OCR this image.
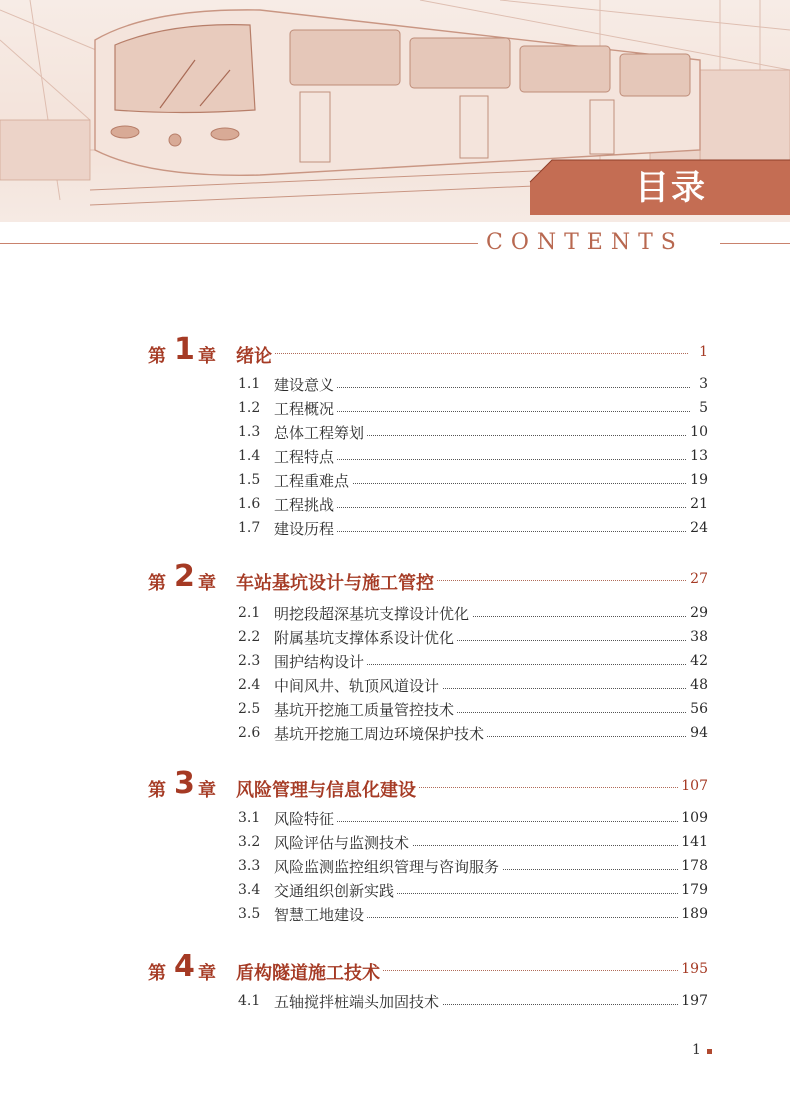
目录
CONTENTS
第 1 章 绪论	1
1.1 建设意义	3
1.2 工程概况	5
1.3 总体工程筹划	10
1.4 工程特点	13
1.5 工程重难点	19
1.6 工程挑战	21
1.7 建设历程	24
第 2 章 车站基坑设计与施工管控	27
2.1 明挖段超深基坑支撑设计优化	29
2.2 附属基坑支撑体系设计优化	38
2.3 围护结构设计	42
2.4 中间风井、轨顶风道设计	48
2.5 基坑开挖施工质量管控技术	56
2.6 基坑开挖施工周边环境保护技术	94
第 3 章 风险管理与信息化建设	107
3.1 风险特征	109
3.2 风险评估与监测技术	141
3.3 风险监测监控组织管理与咨询服务	178
3.4 交通组织创新实践	179
3.5 智慧工地建设	189
第 4 章 盾构隧道施工技术	195
4.1 五轴搅拌桩端头加固技术	197
1
